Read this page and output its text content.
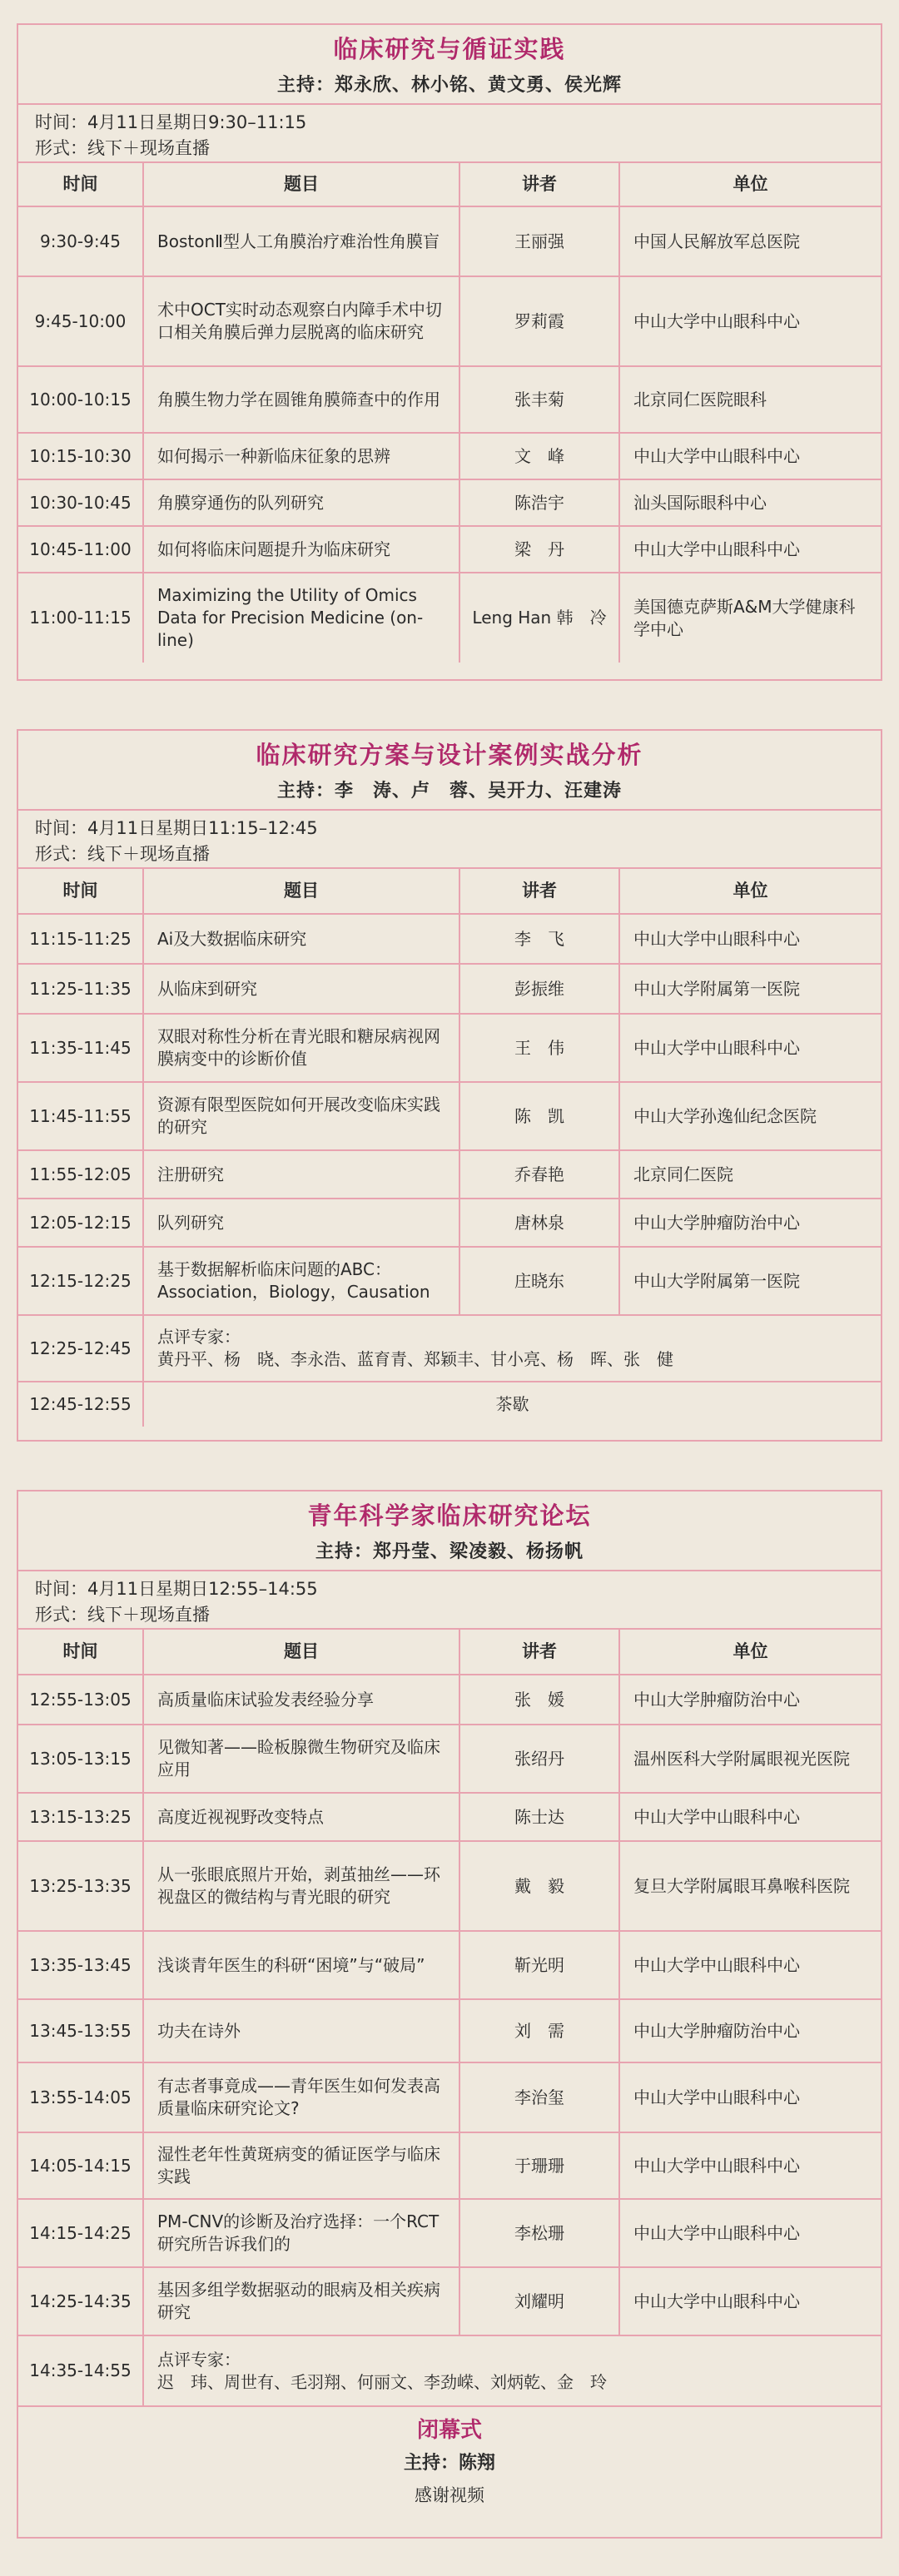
临床研究与循证实践
主持：郑永欣、林小铭、黄文勇、侯光辉
时间：4月11日星期日9:30–11:15
形式：线下＋现场直播
时间	题目	讲者	单位
9:30-9:45	BostonⅡ型人工角膜治疗难治性角膜盲	王丽强	中国人民解放军总医院
9:45-10:00	术中OCT实时动态观察白内障手术中切口相关角膜后弹力层脱离的临床研究	罗莉霞	中山大学中山眼科中心
10:00-10:15	角膜生物力学在圆锥角膜筛查中的作用	张丰菊	北京同仁医院眼科
10:15-10:30	如何揭示一种新临床征象的思辨	文　峰	中山大学中山眼科中心
10:30-10:45	角膜穿通伤的队列研究	陈浩宇	汕头国际眼科中心
10:45-11:00	如何将临床问题提升为临床研究	梁　丹	中山大学中山眼科中心
11:00-11:15	Maximizing the Utility of Omics Data for Precision Medicine (on-line)	Leng Han 韩　冷	美国德克萨斯A&M大学健康科学中心
临床研究方案与设计案例实战分析
主持：李　涛、卢　蓉、吴开力、汪建涛
时间：4月11日星期日11:15–12:45
形式：线下＋现场直播
时间	题目	讲者	单位
11:15-11:25	Ai及大数据临床研究	李　飞	中山大学中山眼科中心
11:25-11:35	从临床到研究	彭振维	中山大学附属第一医院
11:35-11:45	双眼对称性分析在青光眼和糖尿病视网膜病变中的诊断价值	王　伟	中山大学中山眼科中心
11:45-11:55	资源有限型医院如何开展改变临床实践的研究	陈　凯	中山大学孙逸仙纪念医院
11:55-12:05	注册研究	乔春艳	北京同仁医院
12:05-12:15	队列研究	唐林泉	中山大学肿瘤防治中心
12:15-12:25	基于数据解析临床问题的ABC：Association，Biology，Causation	庄晓东	中山大学附属第一医院
12:25-12:45	点评专家：
黄丹平、杨　晓、李永浩、蓝育青、郑颖丰、甘小亮、杨　晖、张　健		

12:45-12:55	茶歇		
青年科学家临床研究论坛
主持：郑丹莹、梁凌毅、杨扬帆
时间：4月11日星期日12:55–14:55
形式：线下＋现场直播
时间	题目	讲者	单位
12:55-13:05	高质量临床试验发表经验分享	张　媛	中山大学肿瘤防治中心
13:05-13:15	见微知著——睑板腺微生物研究及临床应用	张绍丹	温州医科大学附属眼视光医院
13:15-13:25	高度近视视野改变特点	陈士达	中山大学中山眼科中心
13:25-13:35	从一张眼底照片开始，剥茧抽丝——环视盘区的微结构与青光眼的研究	戴　毅	复旦大学附属眼耳鼻喉科医院
13:35-13:45	浅谈青年医生的科研“困境”与“破局”	靳光明	中山大学中山眼科中心
13:45-13:55	功夫在诗外	刘　需	中山大学肿瘤防治中心
13:55-14:05	有志者事竟成——青年医生如何发表高质量临床研究论文?	李治玺	中山大学中山眼科中心
14:05-14:15	湿性老年性黄斑病变的循证医学与临床实践	于珊珊	中山大学中山眼科中心
14:15-14:25	PM-CNV的诊断及治疗选择：一个RCT研究所告诉我们的	李松珊	中山大学中山眼科中心
14:25-14:35	基因多组学数据驱动的眼病及相关疾病研究	刘耀明	中山大学中山眼科中心
14:35-14:55	点评专家：
迟　玮、周世有、毛羽翔、何丽文、李劲嵘、刘炳乾、金　玲		
闭幕式
主持：陈翔
感谢视频
